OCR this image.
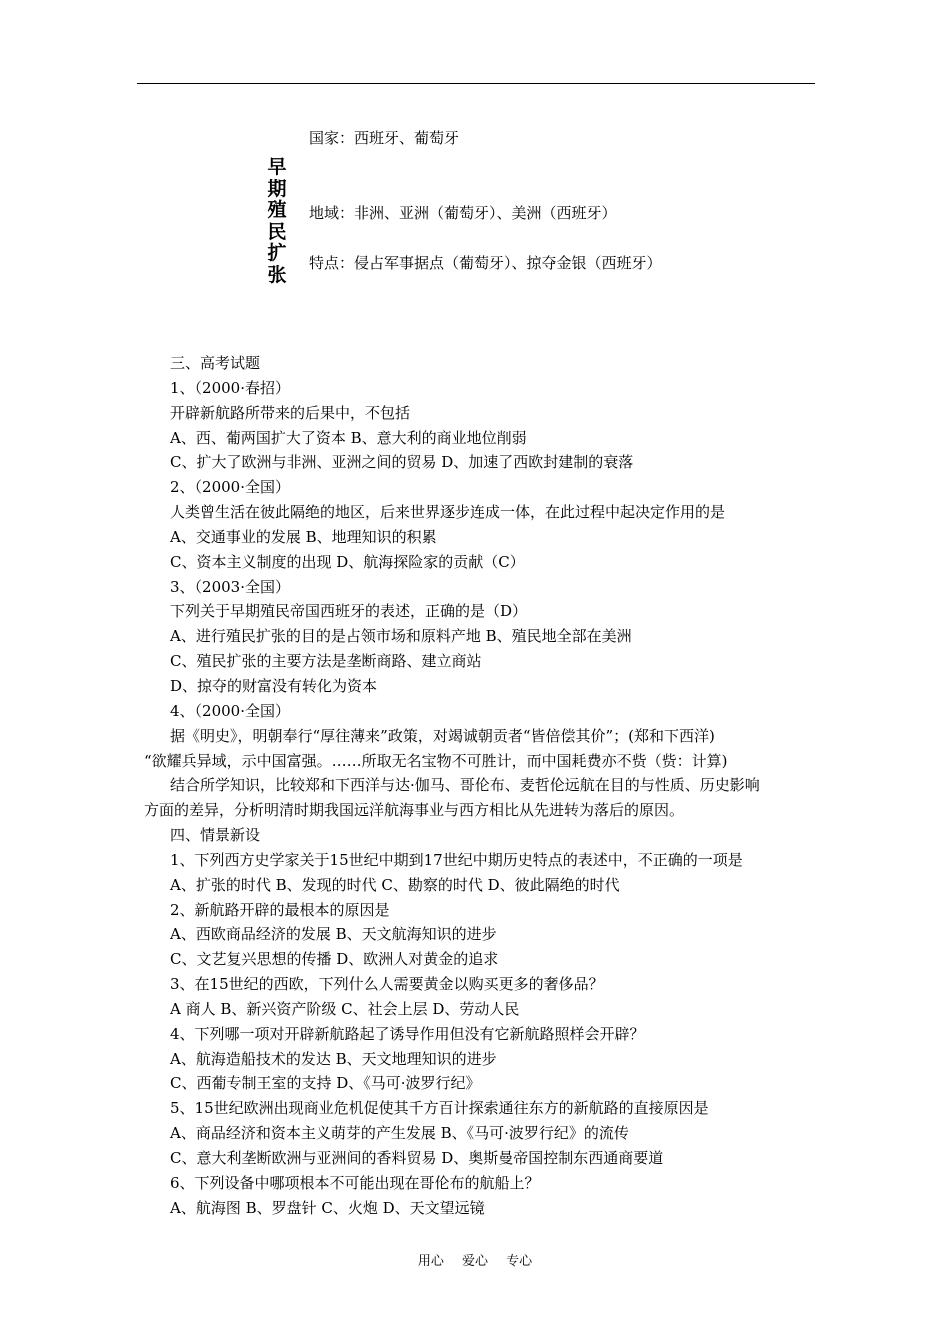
早期殖民扩张
国家：西班牙、葡萄牙
地域：非洲、亚洲（葡萄牙）、美洲（西班牙）
特点：侵占军事据点（葡萄牙）、掠夺金银（西班牙）
三、高考试题
1、（2000·春招）
开辟新航路所带来的后果中，不包括
A、西、葡两国扩大了资本 B、意大利的商业地位削弱
C、扩大了欧洲与非洲、亚洲之间的贸易 D、加速了西欧封建制的衰落
2、（2000·全国）
人类曾生活在彼此隔绝的地区，后来世界逐步连成一体，在此过程中起决定作用的是
A、交通事业的发展 B、地理知识的积累
C、资本主义制度的出现 D、航海探险家的贡献（C）
3、（2003·全国）
下列关于早期殖民帝国西班牙的表述，正确的是（D）
A、进行殖民扩张的目的是占领市场和原料产地 B、殖民地全部在美洲
C、殖民扩张的主要方法是垄断商路、建立商站
D、掠夺的财富没有转化为资本
4、（2000·全国）
据《明史》，明朝奉行“厚往薄来”政策，对竭诚朝贡者“皆倍偿其价”；(郑和下西洋)
“欲耀兵异域，示中国富强。……所取无名宝物不可胜计，而中国耗费亦不赀（赀：计算)
结合所学知识，比较郑和下西洋与达·伽马、哥伦布、麦哲伦远航在目的与性质、历史影响
方面的差异，分析明清时期我国远洋航海事业与西方相比从先进转为落后的原因。
四、情景新设
1、下列西方史学家关于15世纪中期到17世纪中期历史特点的表述中，不正确的一项是
A、扩张的时代 B、发现的时代 C、勘察的时代 D、彼此隔绝的时代
2、新航路开辟的最根本的原因是
A、西欧商品经济的发展 B、天文航海知识的进步
C、文艺复兴思想的传播 D、欧洲人对黄金的追求
3、在15世纪的西欧，下列什么人需要黄金以购买更多的奢侈品？
A 商人 B、新兴资产阶级 C、社会上层 D、劳动人民
4、下列哪一项对开辟新航路起了诱导作用但没有它新航路照样会开辟？
A、航海造船技术的发达 B、天文地理知识的进步
C、西葡专制王室的支持 D、《马可·波罗行纪》
5、15世纪欧洲出现商业危机促使其千方百计探索通往东方的新航路的直接原因是
A、商品经济和资本主义萌芽的产生发展 B、《马可·波罗行纪》的流传
C、意大利垄断欧洲与亚洲间的香料贸易 D、奥斯曼帝国控制东西通商要道
6、下列设备中哪项根本不可能出现在哥伦布的航船上？
A、航海图 B、罗盘针 C、火炮 D、天文望远镜
用心 爱心 专心
